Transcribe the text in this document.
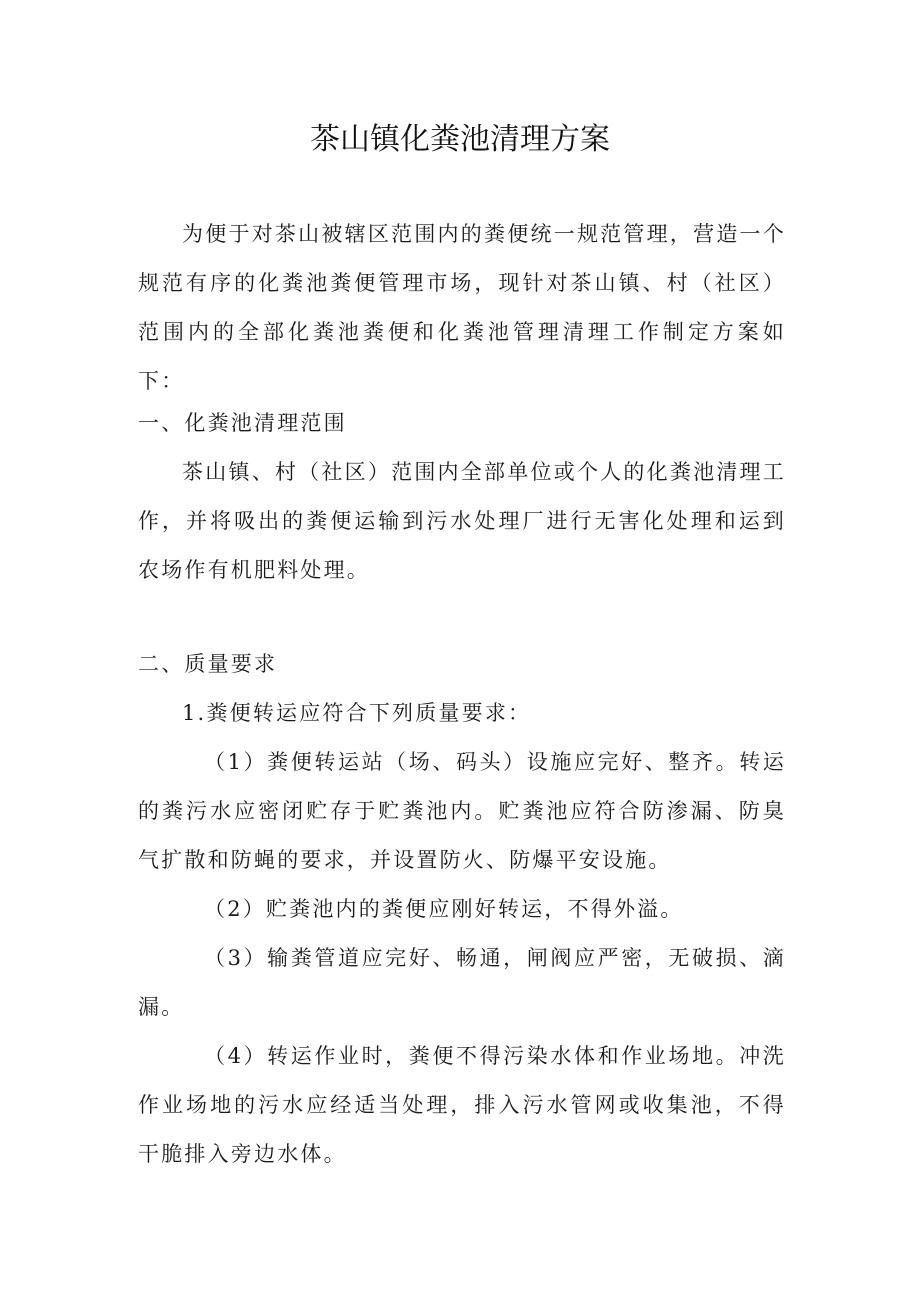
茶山镇化粪池清理方案

为便于对茶山被辖区范围内的粪便统一规范管理，营造一个规范有序的化粪池粪便管理市场，现针对茶山镇、村（社区）范围内的全部化粪池粪便和化粪池管理清理工作制定方案如下：

一、化粪池清理范围

茶山镇、村（社区）范围内全部单位或个人的化粪池清理工作，并将吸出的粪便运输到污水处理厂进行无害化处理和运到农场作有机肥料处理。

二、质量要求

1.粪便转运应符合下列质量要求：

（1）粪便转运站（场、码头）设施应完好、整齐。转运的粪污水应密闭贮存于贮粪池内。贮粪池应符合防渗漏、防臭气扩散和防蝇的要求，并设置防火、防爆平安设施。

（2）贮粪池内的粪便应刚好转运，不得外溢。

（3）输粪管道应完好、畅通，闸阀应严密，无破损、滴漏。

（4）转运作业时，粪便不得污染水体和作业场地。冲洗作业场地的污水应经适当处理，排入污水管网或收集池，不得干脆排入旁边水体。
